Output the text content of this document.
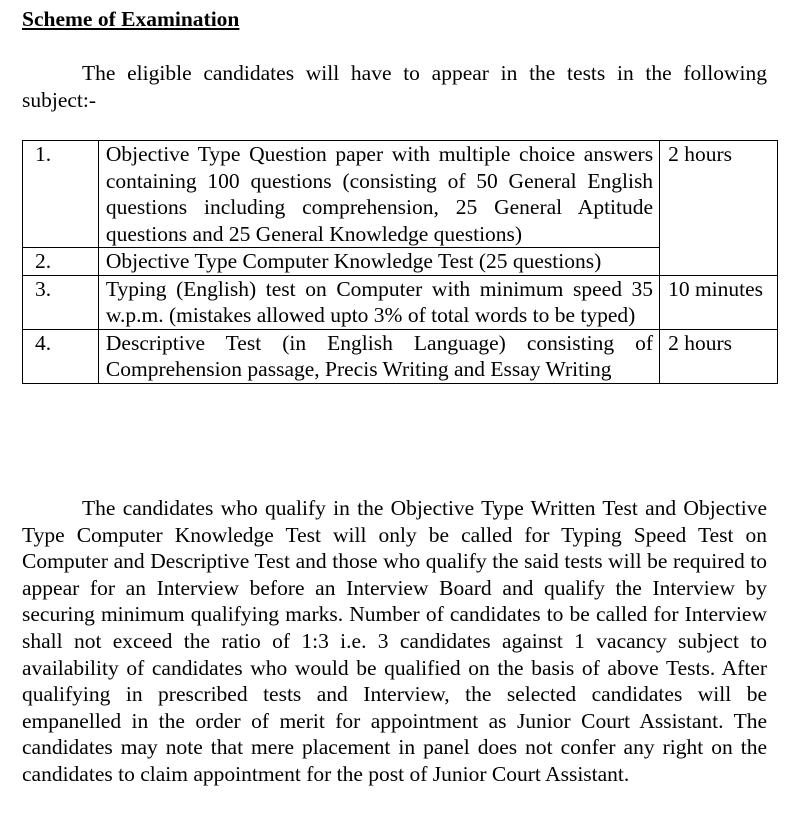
Scheme of Examination
The eligible candidates will have to appear in the tests in the following subject:-
1.	Objective Type Question paper with multiple choice answers containing 100 questions (consisting of 50 General English questions including comprehension, 25 General Aptitude questions and 25 General Knowledge questions)	2 hours
2.	Objective Type Computer Knowledge Test (25 questions)	

3.	Typing (English) test on Computer with minimum speed 35 w.p.m. (mistakes allowed upto 3% of total words to be typed)	10 minutes
4.	Descriptive Test (in English Language) consisting of Comprehension passage, Precis Writing and Essay Writing	2 hours
The candidates who qualify in the Objective Type Written Test and Objective Type Computer Knowledge Test will only be called for Typing Speed Test on Computer and Descriptive Test and those who qualify the said tests will be required to appear for an Interview before an Interview Board and qualify the Interview by securing minimum qualifying marks. Number of candidates to be called for Interview shall not exceed the ratio of 1:3 i.e. 3 candidates against 1 vacancy subject to availability of candidates who would be qualified on the basis of above Tests. After qualifying in prescribed tests and Interview, the selected candidates will be empanelled in the order of merit for appointment as Junior Court Assistant. The candidates may note that mere placement in panel does not confer any right on the candidates to claim appointment for the post of Junior Court Assistant.
